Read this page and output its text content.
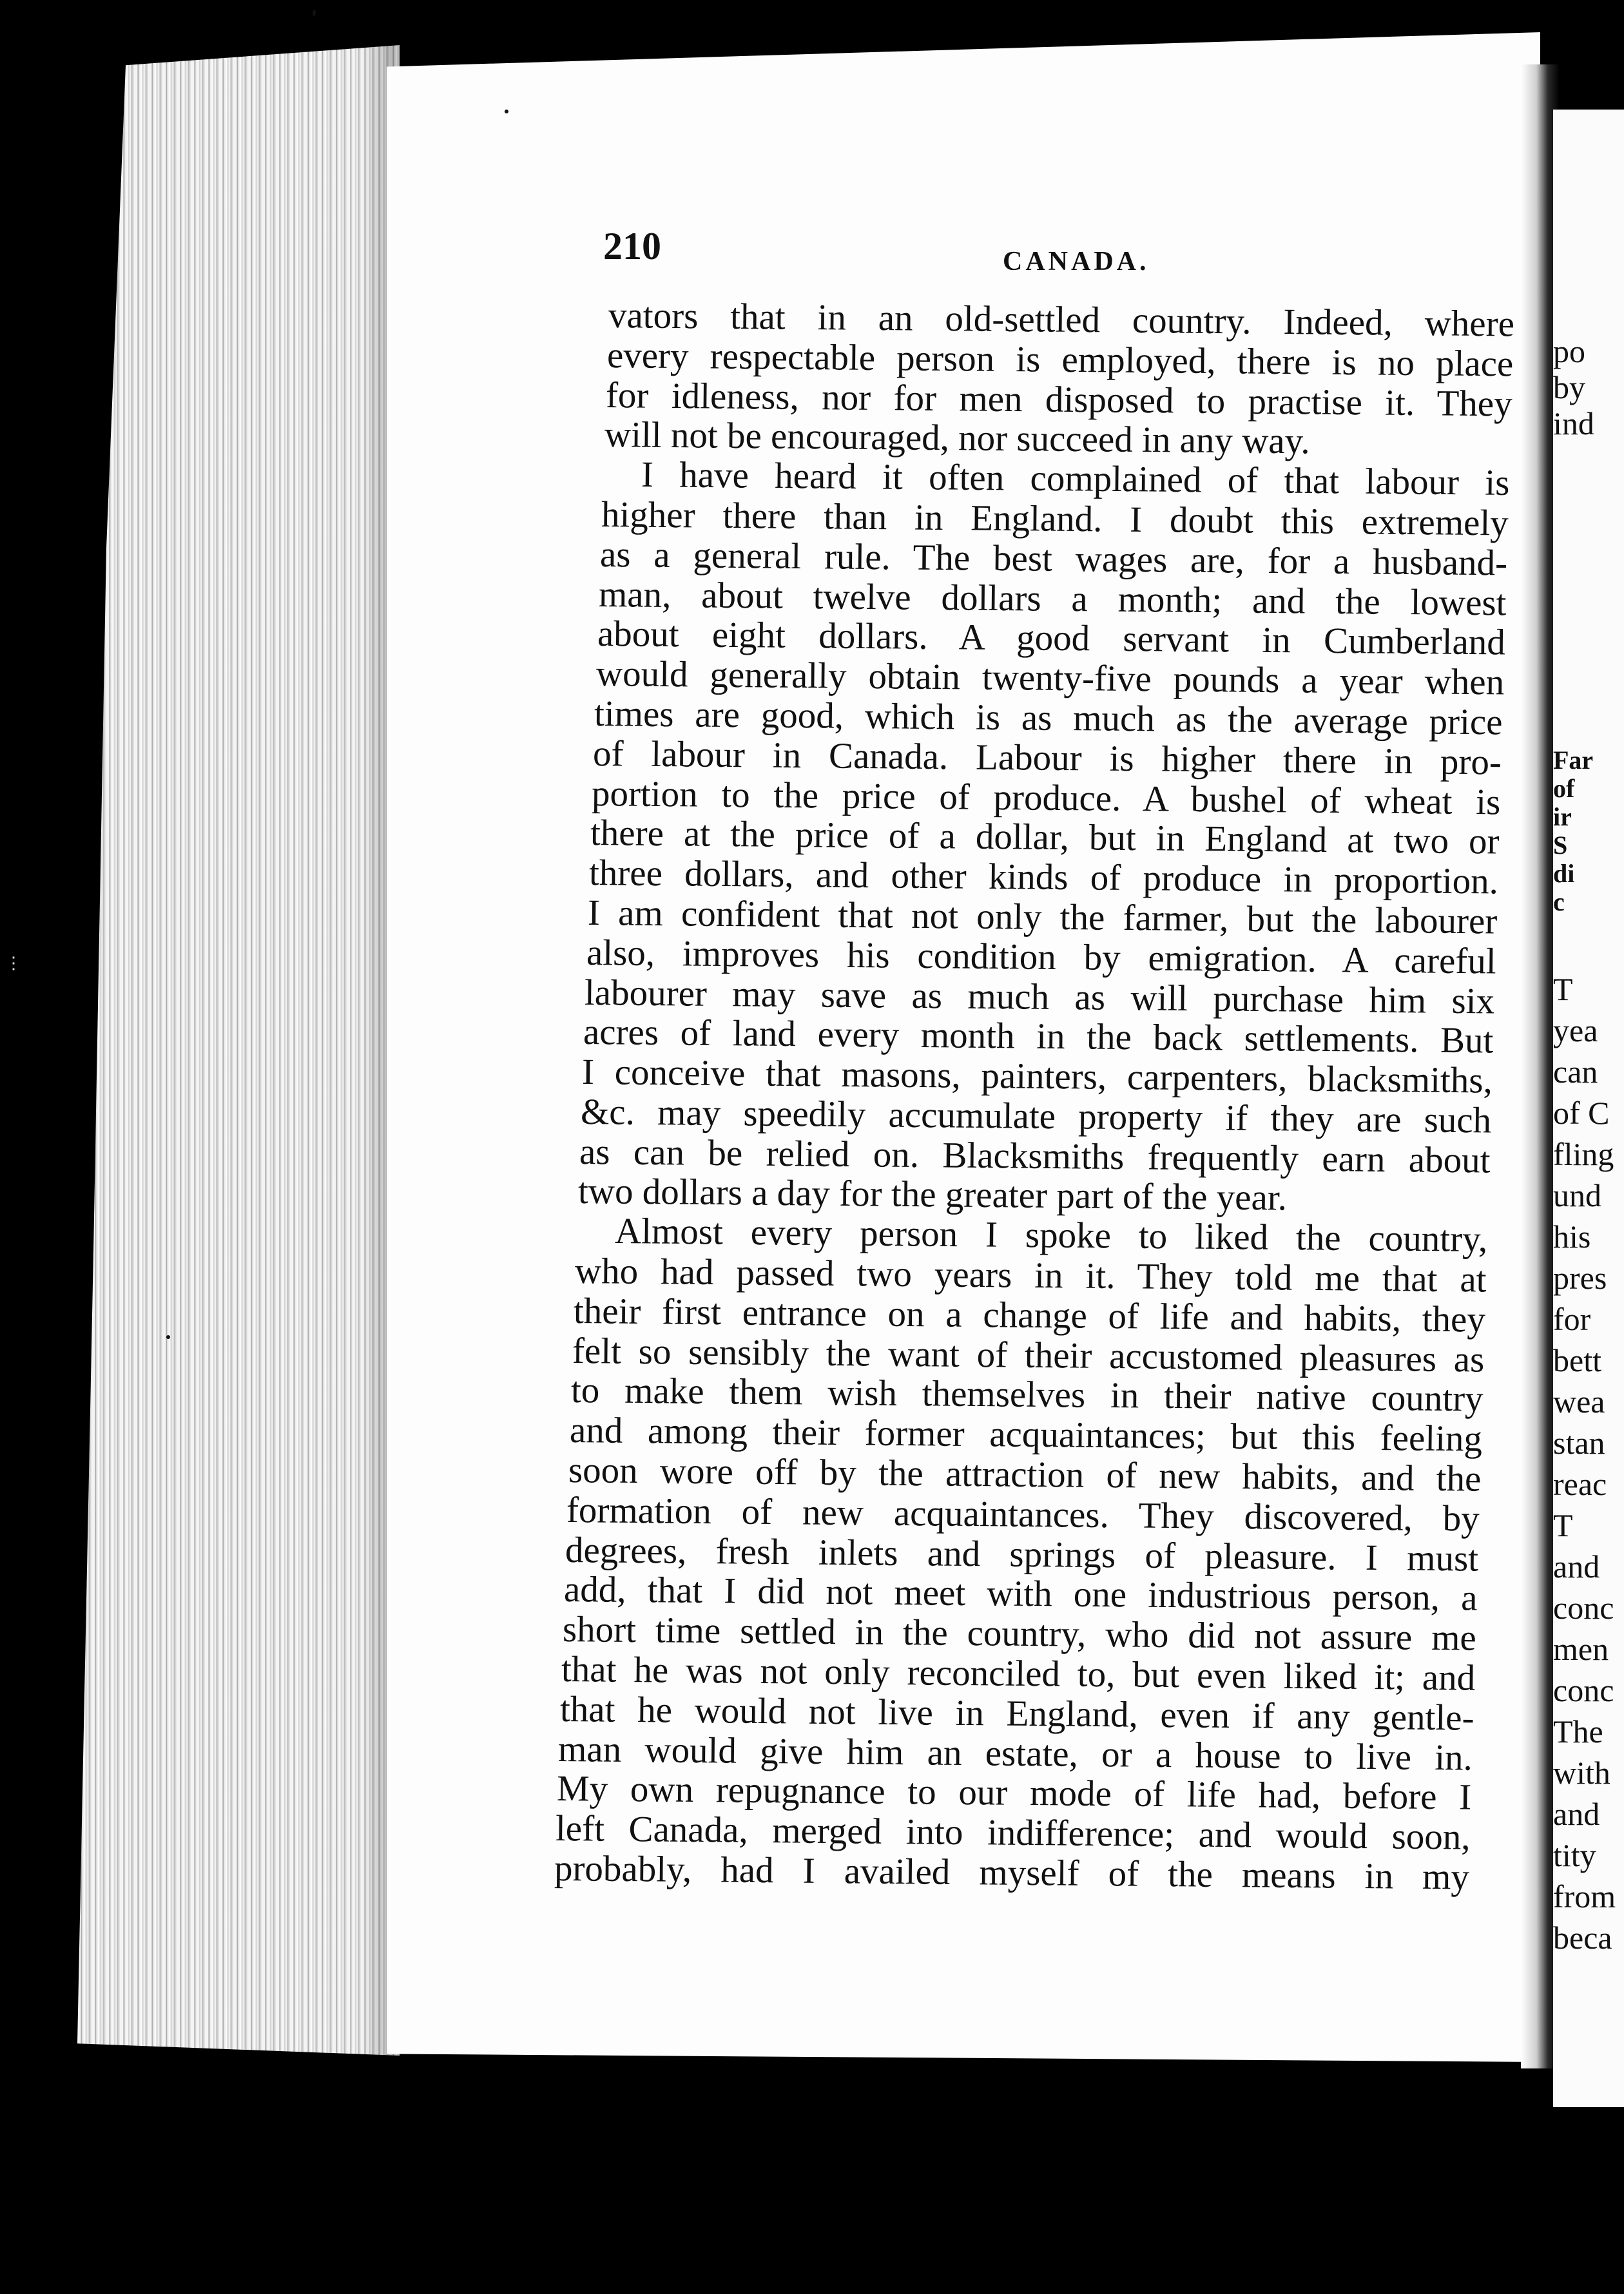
po
by
ind
Far
of
ir
S
di
c
T
yea
can
of C
fling
und
his
pres
for
bett
wea
stan
reac
T
and
conc
men
conc
The
with
and
tity
from
beca
⋮
210	CANADA.
vators that in an old-settled country. Indeed, where
every respectable person is employed, there is no place
for idleness, nor for men disposed to practise it. They
will not be encouraged, nor succeed in any way.
I have heard it often complained of that labour is
higher there than in England. I doubt this extremely
as a general rule. The best wages are, for a husband-
man, about twelve dollars a month; and the lowest
about eight dollars. A good servant in Cumberland
would generally obtain twenty-five pounds a year when
times are good, which is as much as the average price
of labour in Canada. Labour is higher there in pro-
portion to the price of produce. A bushel of wheat is
there at the price of a dollar, but in England at two or
three dollars, and other kinds of produce in proportion.
I am confident that not only the farmer, but the labourer
also, improves his condition by emigration. A careful
labourer may save as much as will purchase him six
acres of land every month in the back settlements. But
I conceive that masons, painters, carpenters, blacksmiths,
&c. may speedily accumulate property if they are such
as can be relied on. Blacksmiths frequently earn about
two dollars a day for the greater part of the year.
Almost every person I spoke to liked the country,
who had passed two years in it. They told me that at
their first entrance on a change of life and habits, they
felt so sensibly the want of their accustomed pleasures as
to make them wish themselves in their native country
and among their former acquaintances; but this feeling
soon wore off by the attraction of new habits, and the
formation of new acquaintances. They discovered, by
degrees, fresh inlets and springs of pleasure. I must
add, that I did not meet with one industrious person, a
short time settled in the country, who did not assure me
that he was not only reconciled to, but even liked it; and
that he would not live in England, even if any gentle-
man would give him an estate, or a house to live in.
My own repugnance to our mode of life had, before I
left Canada, merged into indifference; and would soon,
probably, had I availed myself of the means in my
